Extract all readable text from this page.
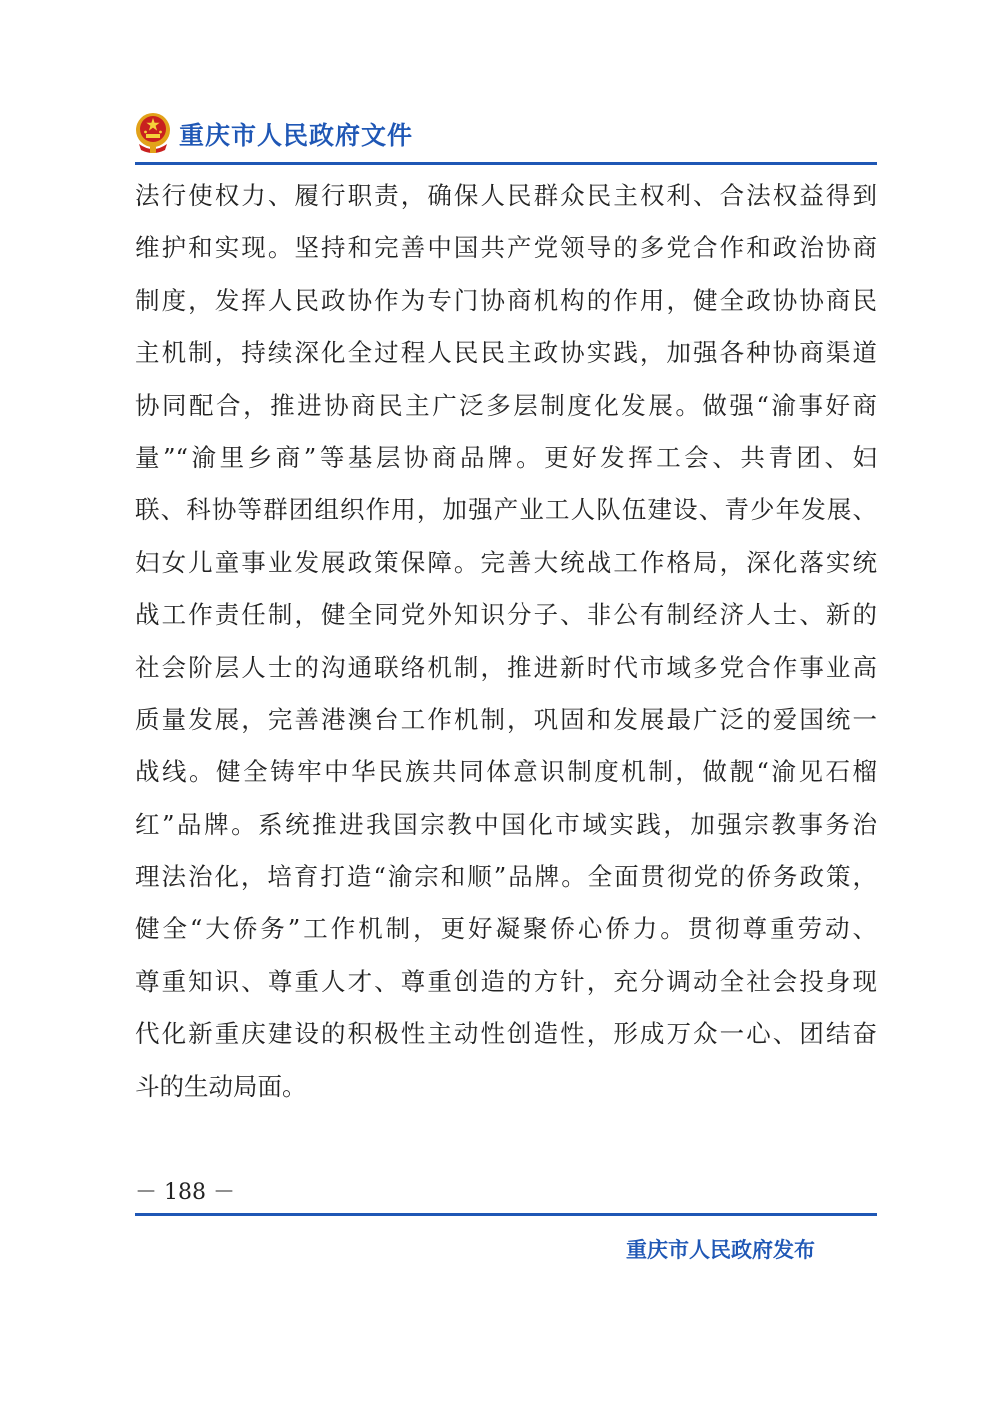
重庆市人民政府文件
法行使权力、履行职责，确保人民群众民主权利、合法权益得到
维护和实现。坚持和完善中国共产党领导的多党合作和政治协商
制度，发挥人民政协作为专门协商机构的作用，健全政协协商民
主机制，持续深化全过程人民民主政协实践，加强各种协商渠道
协同配合，推进协商民主广泛多层制度化发展。做强“渝事好商
量”“渝里乡商”等基层协商品牌。更好发挥工会、共青团、妇
联、科协等群团组织作用，加强产业工人队伍建设、青少年发展、
妇女儿童事业发展政策保障。完善大统战工作格局，深化落实统
战工作责任制，健全同党外知识分子、非公有制经济人士、新的
社会阶层人士的沟通联络机制，推进新时代市域多党合作事业高
质量发展，完善港澳台工作机制，巩固和发展最广泛的爱国统一
战线。健全铸牢中华民族共同体意识制度机制，做靓“渝见石榴
红”品牌。系统推进我国宗教中国化市域实践，加强宗教事务治
理法治化，培育打造“渝宗和顺”品牌。全面贯彻党的侨务政策，
健全“大侨务”工作机制，更好凝聚侨心侨力。贯彻尊重劳动、
尊重知识、尊重人才、尊重创造的方针，充分调动全社会投身现
代化新重庆建设的积极性主动性创造性，形成万众一心、团结奋
斗的生动局面。
－ 188 －
重庆市人民政府发布
